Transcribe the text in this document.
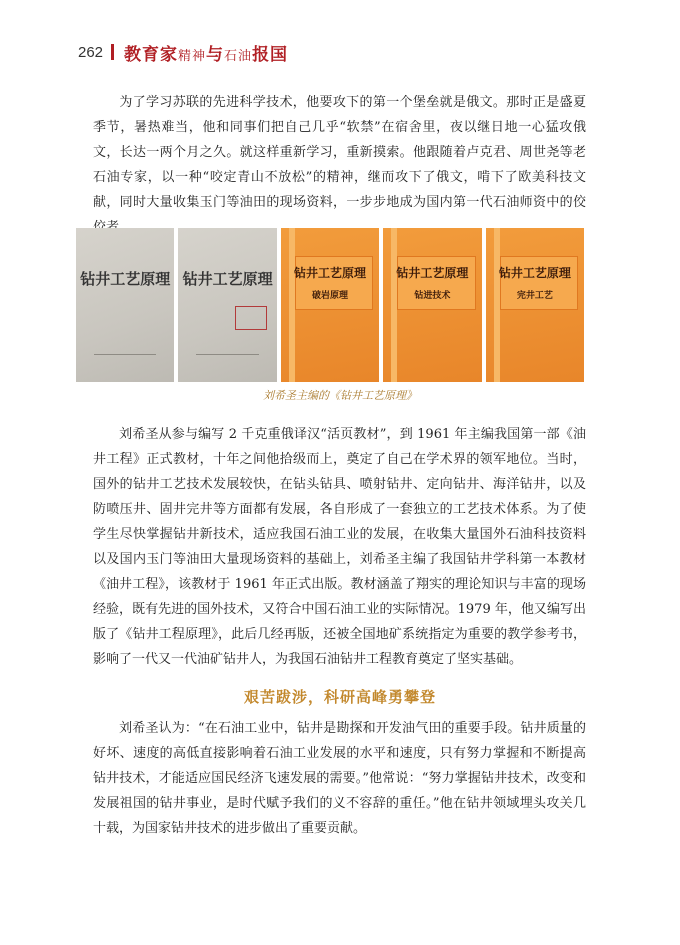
262 教育家精神与石油报国

为了学习苏联的先进科学技术，他要攻下的第一个堡垒就是俄文。那时正是盛夏季节，暑热难当，他和同事们把自己几乎“软禁”在宿舍里，夜以继日地一心猛攻俄文，长达一两个月之久。就这样重新学习，重新摸索。他跟随着卢克君、周世尧等老石油专家，以一种“咬定青山不放松”的精神，继而攻下了俄文，啃下了欧美科技文献，同时大量收集玉门等油田的现场资料，一步步地成为国内第一代石油师资中的佼

钻井工艺原理 钻井工艺原理	钻井工艺原理
破岩原理
钻井工艺原理
钻进技术
钻井工艺原理
完井工艺
刘希圣主编的《钻井工艺原理》

刘希圣从参与编写 2 千克重俄译汉“活页教材”，到 1961 年主编我国第一部《油井工程》正式教材，十年之间他拾级而上，奠定了自己在学术界的领军地位。当时，国外的钻井工艺技术发展较快，在钻头钻具、喷射钻井、定向钻井、海洋钻井，以及防喷压井、固井完井等方面都有发展，各自形成了一套独立的工艺技术体系。为了使学生尽快掌握钻井新技术，适应我国石油工业的发展，在收集大量国外石油科技资料以及国内玉门等油田大量现场资料的基础上，刘希圣主编了我国钻井学科第一本教材《油井工程》，该教材于 1961 年正式出版。教材涵盖了翔实的理论知识与丰富的现场经验，既有先进的国外技术，又符合中国石油工业的实际情况。1979 年，他又编写出版了《钻井工程原理》，此后几经再版，还被全国地矿系统指定为重要的教学参考书，影响了一代又一代油矿钻井人，为我国石油钻井工程教育奠定了坚实基础。

艰苦跋涉，科研高峰勇攀登

刘希圣认为：“在石油工业中，钻井是勘探和开发油气田的重要手段。钻井质量的好坏、速度的高低直接影响着石油工业发展的水平和速度，只有努力掌握和不断提高钻井技术，才能适应国民经济飞速发展的需要。”他常说：“努力掌握钻井技术，改变和发展祖国的钻井事业，是时代赋予我们的义不容辞的重任。”他在钻井领域埋头攻关几十载，为国家钻井技术的进步做出了重要贡献。
